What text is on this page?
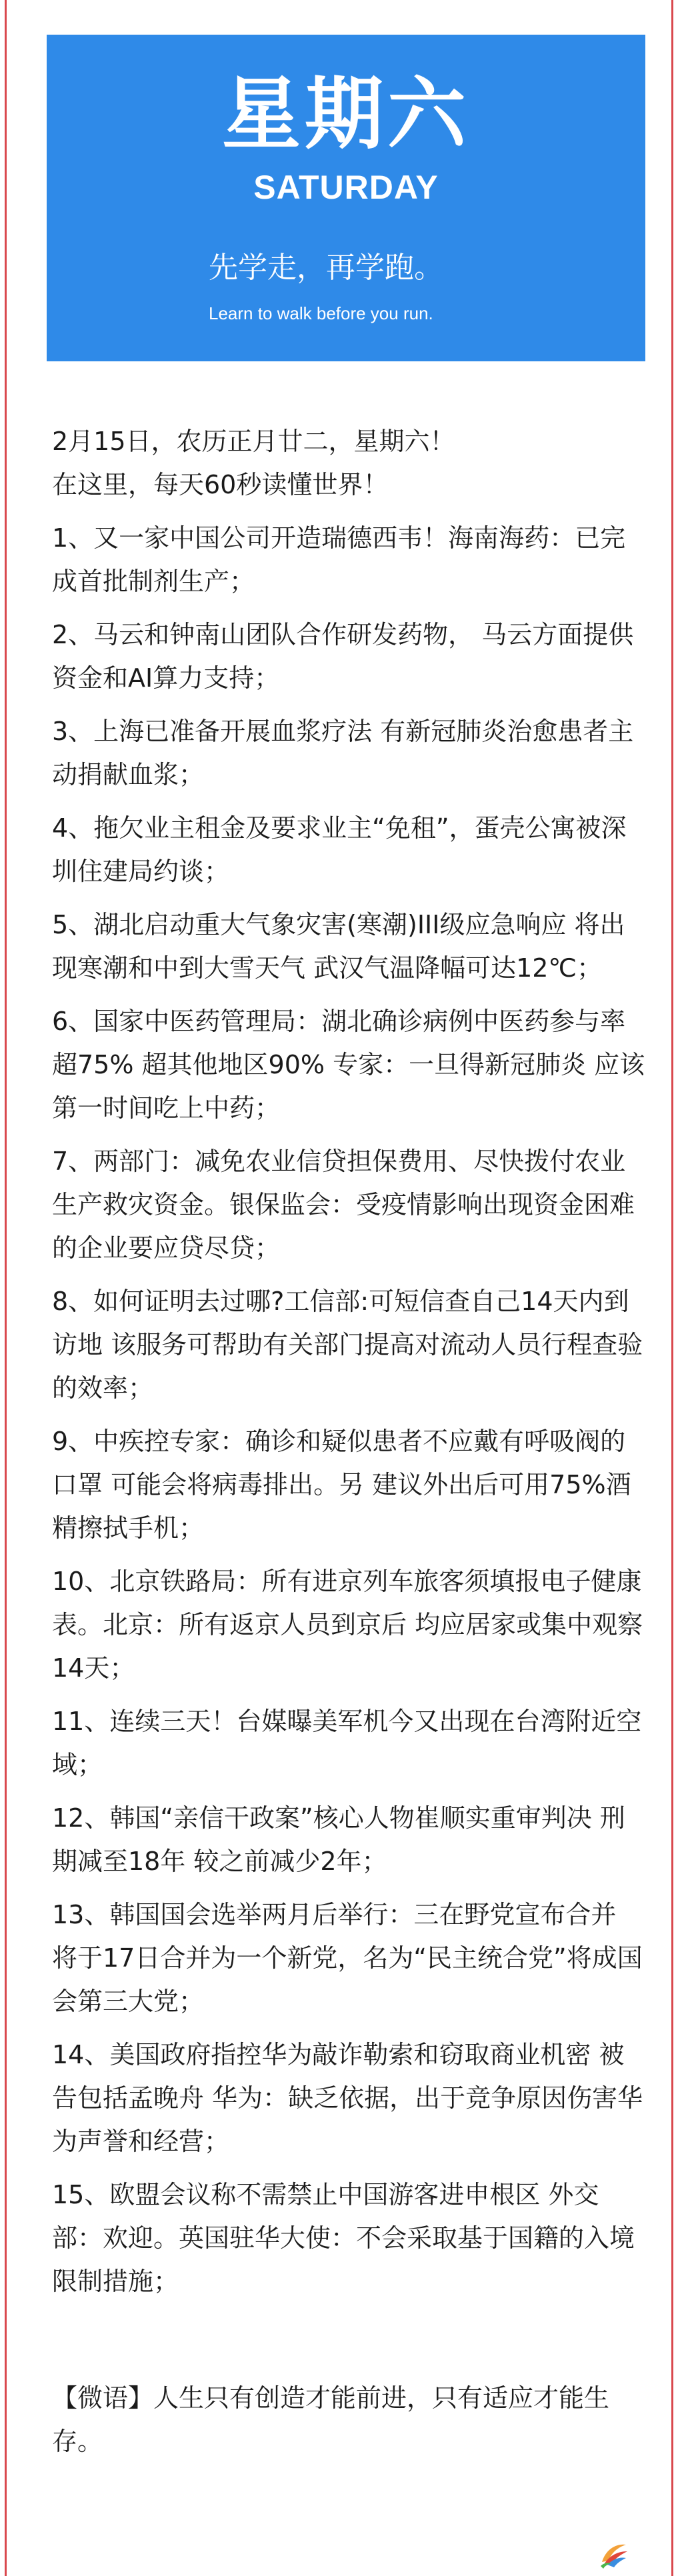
星期六
SATURDAY
先学走，再学跑。
Learn to walk before you run.
2月15日，农历正月廿二，星期六！
在这里，每天60秒读懂世界！
1、又一家中国公司开造瑞德西韦！海南海药：已完成首批制剂生产；
2、马云和钟南山团队合作研发药物， 马云方面提供资金和AI算力支持；
3、上海已准备开展血浆疗法 有新冠肺炎治愈患者主动捐献血浆；
4、拖欠业主租金及要求业主“免租”，蛋壳公寓被深圳住建局约谈；
5、湖北启动重大气象灾害(寒潮)III级应急响应 将出现寒潮和中到大雪天气 武汉气温降幅可达12℃；
6、国家中医药管理局：湖北确诊病例中医药参与率超75% 超其他地区90% 专家：一旦得新冠肺炎 应该第一时间吃上中药；
7、两部门：减免农业信贷担保费用、尽快拨付农业生产救灾资金。银保监会：受疫情影响出现资金困难的企业要应贷尽贷；
8、如何证明去过哪?工信部:可短信查自己14天内到访地 该服务可帮助有关部门提高对流动人员行程查验的效率；
9、中疾控专家：确诊和疑似患者不应戴有呼吸阀的口罩 可能会将病毒排出。另 建议外出后可用75%酒精擦拭手机；
10、北京铁路局：所有进京列车旅客须填报电子健康表。北京：所有返京人员到京后 均应居家或集中观察14天；
11、连续三天！台媒曝美军机今又出现在台湾附近空域；
12、韩国“亲信干政案”核心人物崔顺实重审判决 刑期减至18年 较之前减少2年；
13、韩国国会选举两月后举行：三在野党宣布合并 将于17日合并为一个新党，名为“民主统合党”将成国会第三大党；
14、美国政府指控华为敲诈勒索和窃取商业机密 被告包括孟晚舟 华为：缺乏依据，出于竞争原因伤害华为声誉和经营；
15、欧盟会议称不需禁止中国游客进申根区 外交部：欢迎。英国驻华大使：不会采取基于国籍的入境限制措施；
【微语】人生只有创造才能前进，只有适应才能生存。
